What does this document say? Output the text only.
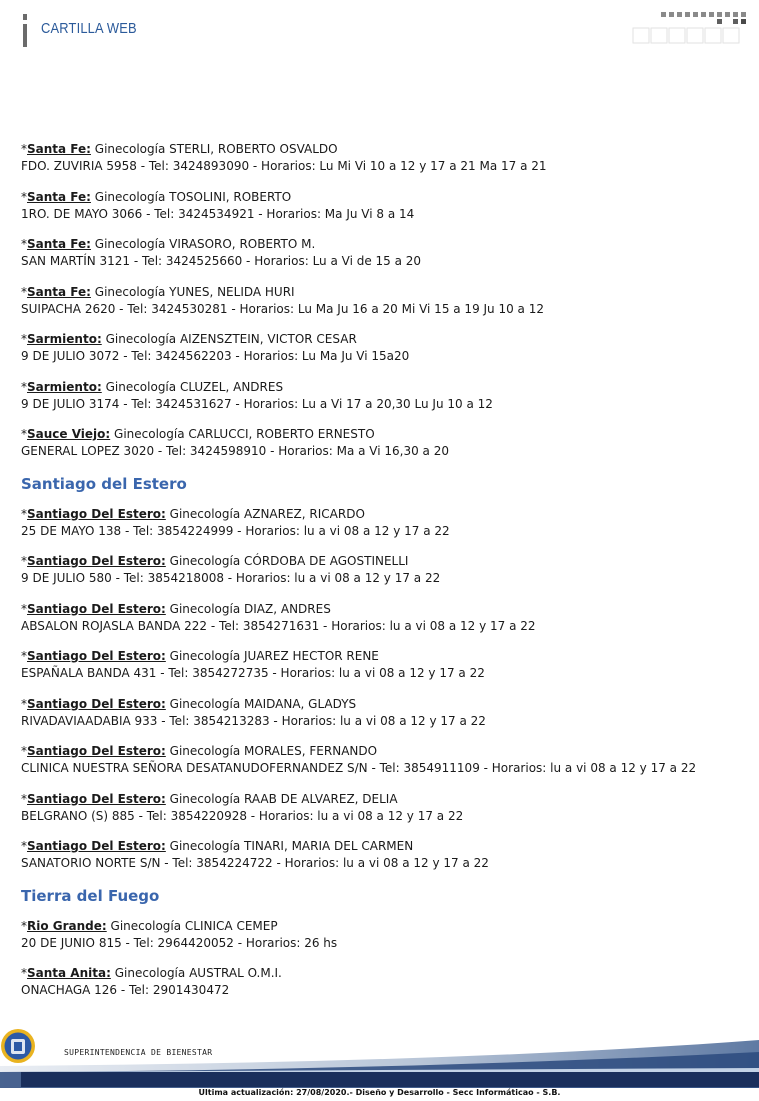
CARTILLA WEB
*Santa Fe: Ginecología STERLI, ROBERTO OSVALDO
FDO. ZUVIRIA 5958 - Tel: 3424893090 - Horarios: Lu Mi Vi 10 a 12 y 17 a 21 Ma 17 a 21
*Santa Fe: Ginecología TOSOLINI, ROBERTO
1RO. DE MAYO 3066 - Tel: 3424534921 - Horarios: Ma Ju Vi 8 a 14
*Santa Fe: Ginecología VIRASORO, ROBERTO M.
SAN MARTÍN 3121 - Tel: 3424525660 - Horarios: Lu a Vi de 15 a 20
*Santa Fe: Ginecología YUNES, NELIDA HURI
SUIPACHA 2620 - Tel: 3424530281 - Horarios: Lu Ma Ju 16 a 20 Mi Vi 15 a 19 Ju 10 a 12
*Sarmiento: Ginecología AIZENSZTEIN, VICTOR CESAR
9 DE JULIO 3072 - Tel: 3424562203 - Horarios: Lu Ma Ju Vi 15a20
*Sarmiento: Ginecología CLUZEL, ANDRES
9 DE JULIO 3174 - Tel: 3424531627 - Horarios: Lu a Vi 17 a 20,30 Lu Ju 10 a 12
*Sauce Viejo: Ginecología CARLUCCI, ROBERTO ERNESTO
GENERAL LOPEZ 3020 - Tel: 3424598910 - Horarios: Ma a Vi 16,30 a 20
Santiago del Estero
*Santiago Del Estero: Ginecología AZNAREZ, RICARDO
25 DE MAYO 138 - Tel: 3854224999 - Horarios: lu a vi 08 a 12 y 17 a 22
*Santiago Del Estero: Ginecología CÓRDOBA DE AGOSTINELLI
9 DE JULIO 580 - Tel: 3854218008 - Horarios: lu a vi 08 a 12 y 17 a 22
*Santiago Del Estero: Ginecología DIAZ, ANDRES
ABSALON ROJASLA BANDA 222 - Tel: 3854271631 - Horarios: lu a vi 08 a 12 y 17 a 22
*Santiago Del Estero: Ginecología JUAREZ HECTOR RENE
ESPAÑALA BANDA 431 - Tel: 3854272735 - Horarios: lu a vi 08 a 12 y 17 a 22
*Santiago Del Estero: Ginecología MAIDANA, GLADYS
RIVADAVIAADABIA 933 - Tel: 3854213283 - Horarios: lu a vi 08 a 12 y 17 a 22
*Santiago Del Estero: Ginecología MORALES, FERNANDO
CLINICA NUESTRA SEÑORA DESATANUDOFERNANDEZ S/N - Tel: 3854911109 - Horarios: lu a vi 08 a 12 y 17 a 22
*Santiago Del Estero: Ginecología RAAB DE ALVAREZ, DELIA
BELGRANO (S) 885 - Tel: 3854220928 - Horarios: lu a vi 08 a 12 y 17 a 22
*Santiago Del Estero: Ginecología TINARI, MARIA DEL CARMEN
SANATORIO NORTE S/N - Tel: 3854224722 - Horarios: lu a vi 08 a 12 y 17 a 22
Tierra del Fuego
*Rio Grande: Ginecología CLINICA CEMEP
20 DE JUNIO 815 - Tel: 2964420052 - Horarios: 26 hs
*Santa Anita: Ginecología AUSTRAL O.M.I.
ONACHAGA 126 - Tel: 2901430472
SUPERINTENDENCIA DE BIENESTAR
Ultima actualización: 27/08/2020.- Diseño y Desarrollo - Secc Informáticao - S.B.
